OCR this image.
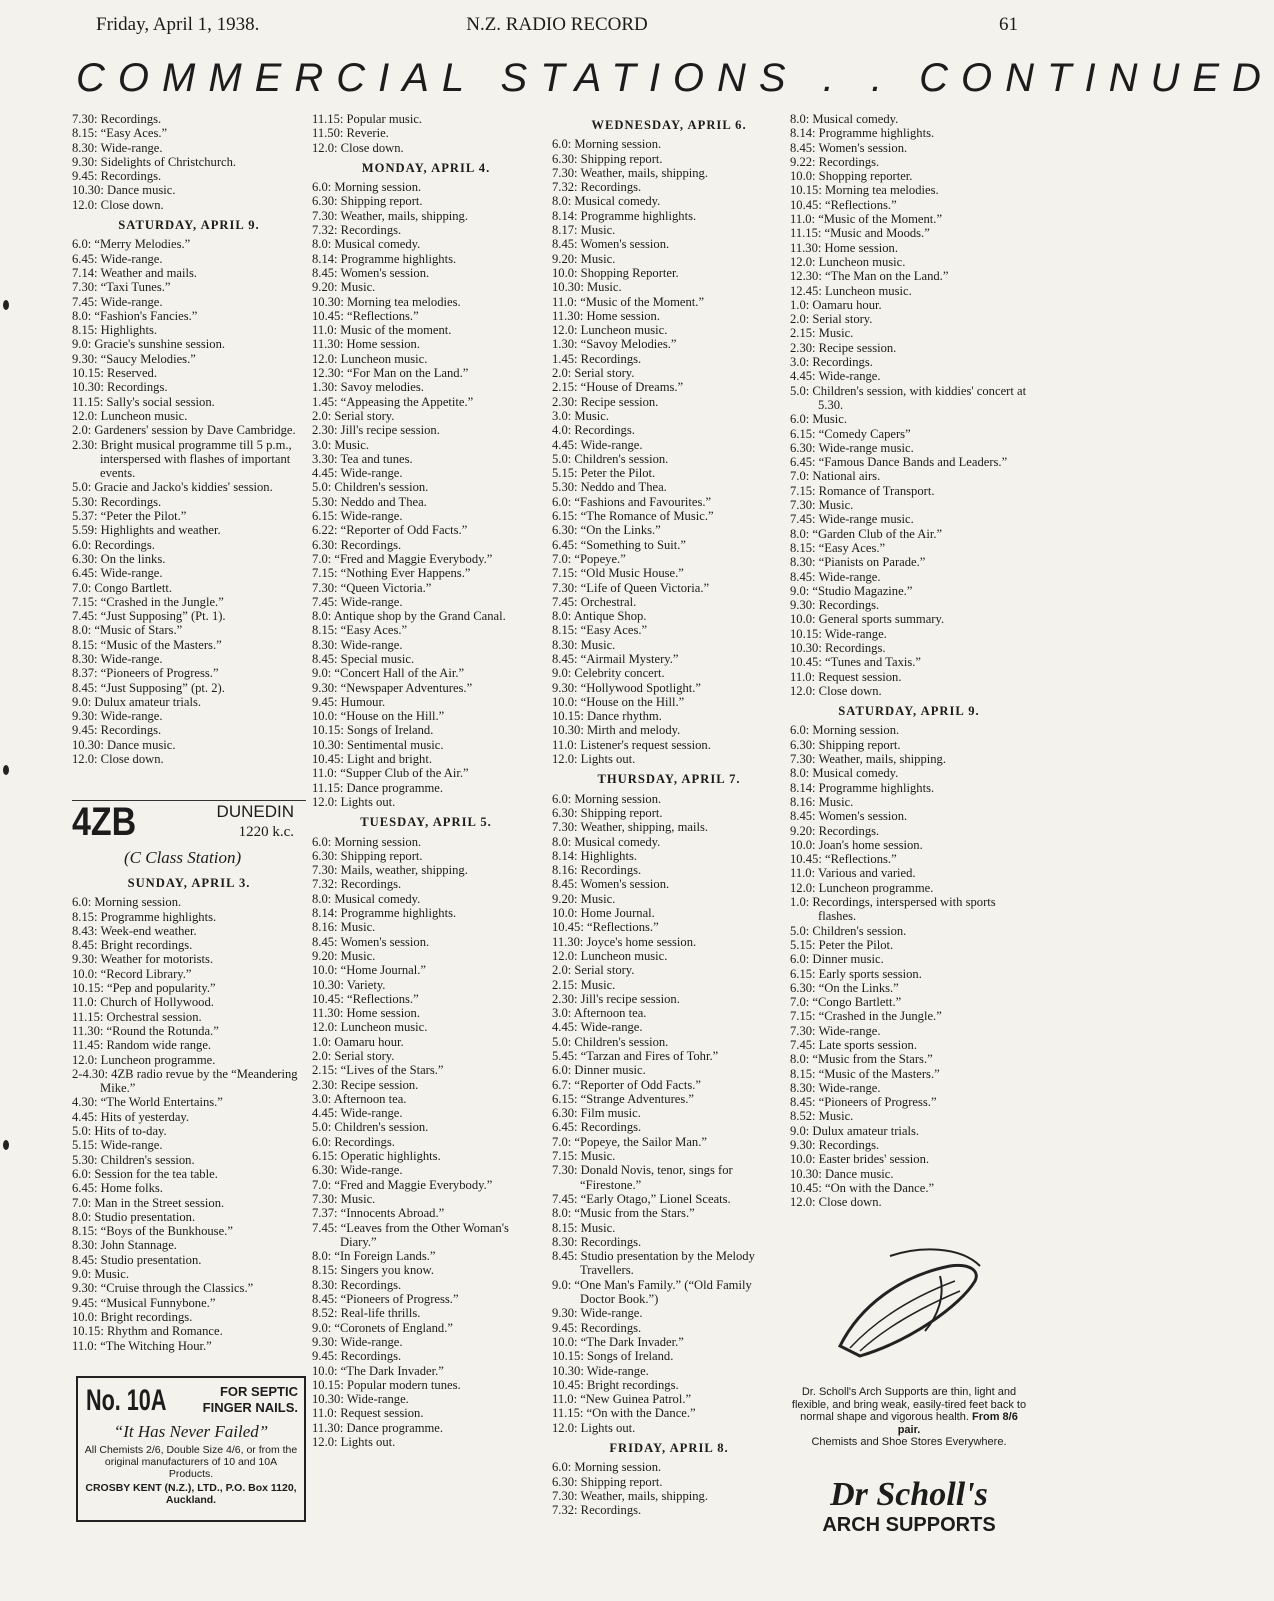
Friday, April 1, 1938.	N.Z. RADIO RECORD	61
COMMERCIAL STATIONS . . CONTINUED

7.30: Recordings.

8.15: “Easy Aces.”

8.30: Wide-range.

9.30: Sidelights of Christchurch.

9.45: Recordings.

10.30: Dance music.

12.0: Close down.

SATURDAY, APRIL 9.

6.0: “Merry Melodies.”

6.45: Wide-range.

7.14: Weather and mails.

7.30: “Taxi Tunes.”

7.45: Wide-range.

8.0: “Fashion's Fancies.”

8.15: Highlights.

9.0: Gracie's sunshine session.

9.30: “Saucy Melodies.”

10.15: Reserved.

10.30: Recordings.

11.15: Sally's social session.

12.0: Luncheon music.

2.0: Gardeners' session by Dave Cambridge.

2.30: Bright musical programme till 5 p.m., interspersed with flashes of important events.

5.0: Gracie and Jacko's kiddies' session.

5.30: Recordings.

5.37: “Peter the Pilot.”

5.59: Highlights and weather.

6.0: Recordings.

6.30: On the links.

6.45: Wide-range.

7.0: Congo Bartlett.

7.15: “Crashed in the Jungle.”

7.45: “Just Supposing” (Pt. 1).

8.0: “Music of Stars.”

8.15: “Music of the Masters.”

8.30: Wide-range.

8.37: “Pioneers of Progress.”

8.45: “Just Supposing” (pt. 2).

9.0: Dulux amateur trials.

9.30: Wide-range.

9.45: Recordings.

10.30: Dance music.

12.0: Close down.

4ZB	DUNEDIN
1220 k.c.
(C Class Station)
SUNDAY, APRIL 3.

6.0: Morning session.

8.15: Programme highlights.

8.43: Week-end weather.

8.45: Bright recordings.

9.30: Weather for motorists.

10.0: “Record Library.”

10.15: “Pep and popularity.”

11.0: Church of Hollywood.

11.15: Orchestral session.

11.30: “Round the Rotunda.”

11.45: Random wide range.

12.0: Luncheon programme.

2-4.30: 4ZB radio revue by the “Meandering Mike.”

4.30: “The World Entertains.”

4.45: Hits of yesterday.

5.0: Hits of to-day.

5.15: Wide-range.

5.30: Children's session.

6.0: Session for the tea table.

6.45: Home folks.

7.0: Man in the Street session.

8.0: Studio presentation.

8.15: “Boys of the Bunkhouse.”

8.30: John Stannage.

8.45: Studio presentation.

9.0: Music.

9.30: “Cruise through the Classics.”

9.45: “Musical Funnybone.”

10.0: Bright recordings.

10.15: Rhythm and Romance.

11.0: “The Witching Hour.”

No. 10A	FOR SEPTIC
FINGER NAILS.
“It Has Never Failed”
All Chemists 2/6, Double Size 4/6, or from the original manufacturers of 10 and 10A Products.
CROSBY KENT (N.Z.), LTD., P.O. Box 1120, Auckland.

11.15: Popular music.

11.50: Reverie.

12.0: Close down.

MONDAY, APRIL 4.

6.0: Morning session.

6.30: Shipping report.

7.30: Weather, mails, shipping.

7.32: Recordings.

8.0: Musical comedy.

8.14: Programme highlights.

8.45: Women's session.

9.20: Music.

10.30: Morning tea melodies.

10.45: “Reflections.”

11.0: Music of the moment.

11.30: Home session.

12.0: Luncheon music.

12.30: “For Man on the Land.”

1.30: Savoy melodies.

1.45: “Appeasing the Appetite.”

2.0: Serial story.

2.30: Jill's recipe session.

3.0: Music.

3.30: Tea and tunes.

4.45: Wide-range.

5.0: Children's session.

5.30: Neddo and Thea.

6.15: Wide-range.

6.22: “Reporter of Odd Facts.”

6.30: Recordings.

7.0: “Fred and Maggie Everybody.”

7.15: “Nothing Ever Happens.”

7.30: “Queen Victoria.”

7.45: Wide-range.

8.0: Antique shop by the Grand Canal.

8.15: “Easy Aces.”

8.30: Wide-range.

8.45: Special music.

9.0: “Concert Hall of the Air.”

9.30: “Newspaper Adventures.”

9.45: Humour.

10.0: “House on the Hill.”

10.15: Songs of Ireland.

10.30: Sentimental music.

10.45: Light and bright.

11.0: “Supper Club of the Air.”

11.15: Dance programme.

12.0: Lights out.

TUESDAY, APRIL 5.

6.0: Morning session.

6.30: Shipping report.

7.30: Mails, weather, shipping.

7.32: Recordings.

8.0: Musical comedy.

8.14: Programme highlights.

8.16: Music.

8.45: Women's session.

9.20: Music.

10.0: “Home Journal.”

10.30: Variety.

10.45: “Reflections.”

11.30: Home session.

12.0: Luncheon music.

1.0: Oamaru hour.

2.0: Serial story.

2.15: “Lives of the Stars.”

2.30: Recipe session.

3.0: Afternoon tea.

4.45: Wide-range.

5.0: Children's session.

6.0: Recordings.

6.15: Operatic highlights.

6.30: Wide-range.

7.0: “Fred and Maggie Everybody.”

7.30: Music.

7.37: “Innocents Abroad.”

7.45: “Leaves from the Other Woman's Diary.”

8.0: “In Foreign Lands.”

8.15: Singers you know.

8.30: Recordings.

8.45: “Pioneers of Progress.”

8.52: Real-life thrills.

9.0: “Coronets of England.”

9.30: Wide-range.

9.45: Recordings.

10.0: “The Dark Invader.”

10.15: Popular modern tunes.

10.30: Wide-range.

11.0: Request session.

11.30: Dance programme.

12.0: Lights out.

WEDNESDAY, APRIL 6.

6.0: Morning session.

6.30: Shipping report.

7.30: Weather, mails, shipping.

7.32: Recordings.

8.0: Musical comedy.

8.14: Programme highlights.

8.17: Music.

8.45: Women's session.

9.20: Music.

10.0: Shopping Reporter.

10.30: Music.

11.0: “Music of the Moment.”

11.30: Home session.

12.0: Luncheon music.

1.30: “Savoy Melodies.”

1.45: Recordings.

2.0: Serial story.

2.15: “House of Dreams.”

2.30: Recipe session.

3.0: Music.

4.0: Recordings.

4.45: Wide-range.

5.0: Children's session.

5.15: Peter the Pilot.

5.30: Neddo and Thea.

6.0: “Fashions and Favourites.”

6.15: “The Romance of Music.”

6.30: “On the Links.”

6.45: “Something to Suit.”

7.0: “Popeye.”

7.15: “Old Music House.”

7.30: “Life of Queen Victoria.”

7.45: Orchestral.

8.0: Antique Shop.

8.15: “Easy Aces.”

8.30: Music.

8.45: “Airmail Mystery.”

9.0: Celebrity concert.

9.30: “Hollywood Spotlight.”

10.0: “House on the Hill.”

10.15: Dance rhythm.

10.30: Mirth and melody.

11.0: Listener's request session.

12.0: Lights out.

THURSDAY, APRIL 7.

6.0: Morning session.

6.30: Shipping report.

7.30: Weather, shipping, mails.

8.0: Musical comedy.

8.14: Highlights.

8.16: Recordings.

8.45: Women's session.

9.20: Music.

10.0: Home Journal.

10.45: “Reflections.”

11.30: Joyce's home session.

12.0: Luncheon music.

2.0: Serial story.

2.15: Music.

2.30: Jill's recipe session.

3.0: Afternoon tea.

4.45: Wide-range.

5.0: Children's session.

5.45: “Tarzan and Fires of Tohr.”

6.0: Dinner music.

6.7: “Reporter of Odd Facts.”

6.15: “Strange Adventures.”

6.30: Film music.

6.45: Recordings.

7.0: “Popeye, the Sailor Man.”

7.15: Music.

7.30: Donald Novis, tenor, sings for “Firestone.”

7.45: “Early Otago,” Lionel Sceats.

8.0: “Music from the Stars.”

8.15: Music.

8.30: Recordings.

8.45: Studio presentation by the Melody Travellers.

9.0: “One Man's Family.” (“Old Family Doctor Book.”)

9.30: Wide-range.

9.45: Recordings.

10.0: “The Dark Invader.”

10.15: Songs of Ireland.

10.30: Wide-range.

10.45: Bright recordings.

11.0: “New Guinea Patrol.”

11.15: “On with the Dance.”

12.0: Lights out.

FRIDAY, APRIL 8.

6.0: Morning session.

6.30: Shipping report.

7.30: Weather, mails, shipping.

7.32: Recordings.

8.0: Musical comedy.

8.14: Programme highlights.

8.45: Women's session.

9.22: Recordings.

10.0: Shopping reporter.

10.15: Morning tea melodies.

10.45: “Reflections.”

11.0: “Music of the Moment.”

11.15: “Music and Moods.”

11.30: Home session.

12.0: Luncheon music.

12.30: “The Man on the Land.”

12.45: Luncheon music.

1.0: Oamaru hour.

2.0: Serial story.

2.15: Music.

2.30: Recipe session.

3.0: Recordings.

4.45: Wide-range.

5.0: Children's session, with kiddies' concert at 5.30.

6.0: Music.

6.15: “Comedy Capers”

6.30: Wide-range music.

6.45: “Famous Dance Bands and Leaders.”

7.0: National airs.

7.15: Romance of Transport.

7.30: Music.

7.45: Wide-range music.

8.0: “Garden Club of the Air.”

8.15: “Easy Aces.”

8.30: “Pianists on Parade.”

8.45: Wide-range.

9.0: “Studio Magazine.”

9.30: Recordings.

10.0: General sports summary.

10.15: Wide-range.

10.30: Recordings.

10.45: “Tunes and Taxis.”

11.0: Request session.

12.0: Close down.

SATURDAY, APRIL 9.

6.0: Morning session.

6.30: Shipping report.

7.30: Weather, mails, shipping.

8.0: Musical comedy.

8.14: Programme highlights.

8.16: Music.

8.45: Women's session.

9.20: Recordings.

10.0: Joan's home session.

10.45: “Reflections.”

11.0: Various and varied.

12.0: Luncheon programme.

1.0: Recordings, interspersed with sports flashes.

5.0: Children's session.

5.15: Peter the Pilot.

6.0: Dinner music.

6.15: Early sports session.

6.30: “On the Links.”

7.0: “Congo Bartlett.”

7.15: “Crashed in the Jungle.”

7.30: Wide-range.

7.45: Late sports session.

8.0: “Music from the Stars.”

8.15: “Music of the Masters.”

8.30: Wide-range.

8.45: “Pioneers of Progress.”

8.52: Music.

9.0: Dulux amateur trials.

9.30: Recordings.

10.0: Easter brides' session.

10.30: Dance music.

10.45: “On with the Dance.”

12.0: Close down.

Dr. Scholl's Arch Supports are thin, light and flexible, and bring weak, easily-tired feet back to normal shape and vigorous health. From 8/6 pair.
Chemists and Shoe Stores Everywhere.
Dr Scholl's
ARCH SUPPORTS
